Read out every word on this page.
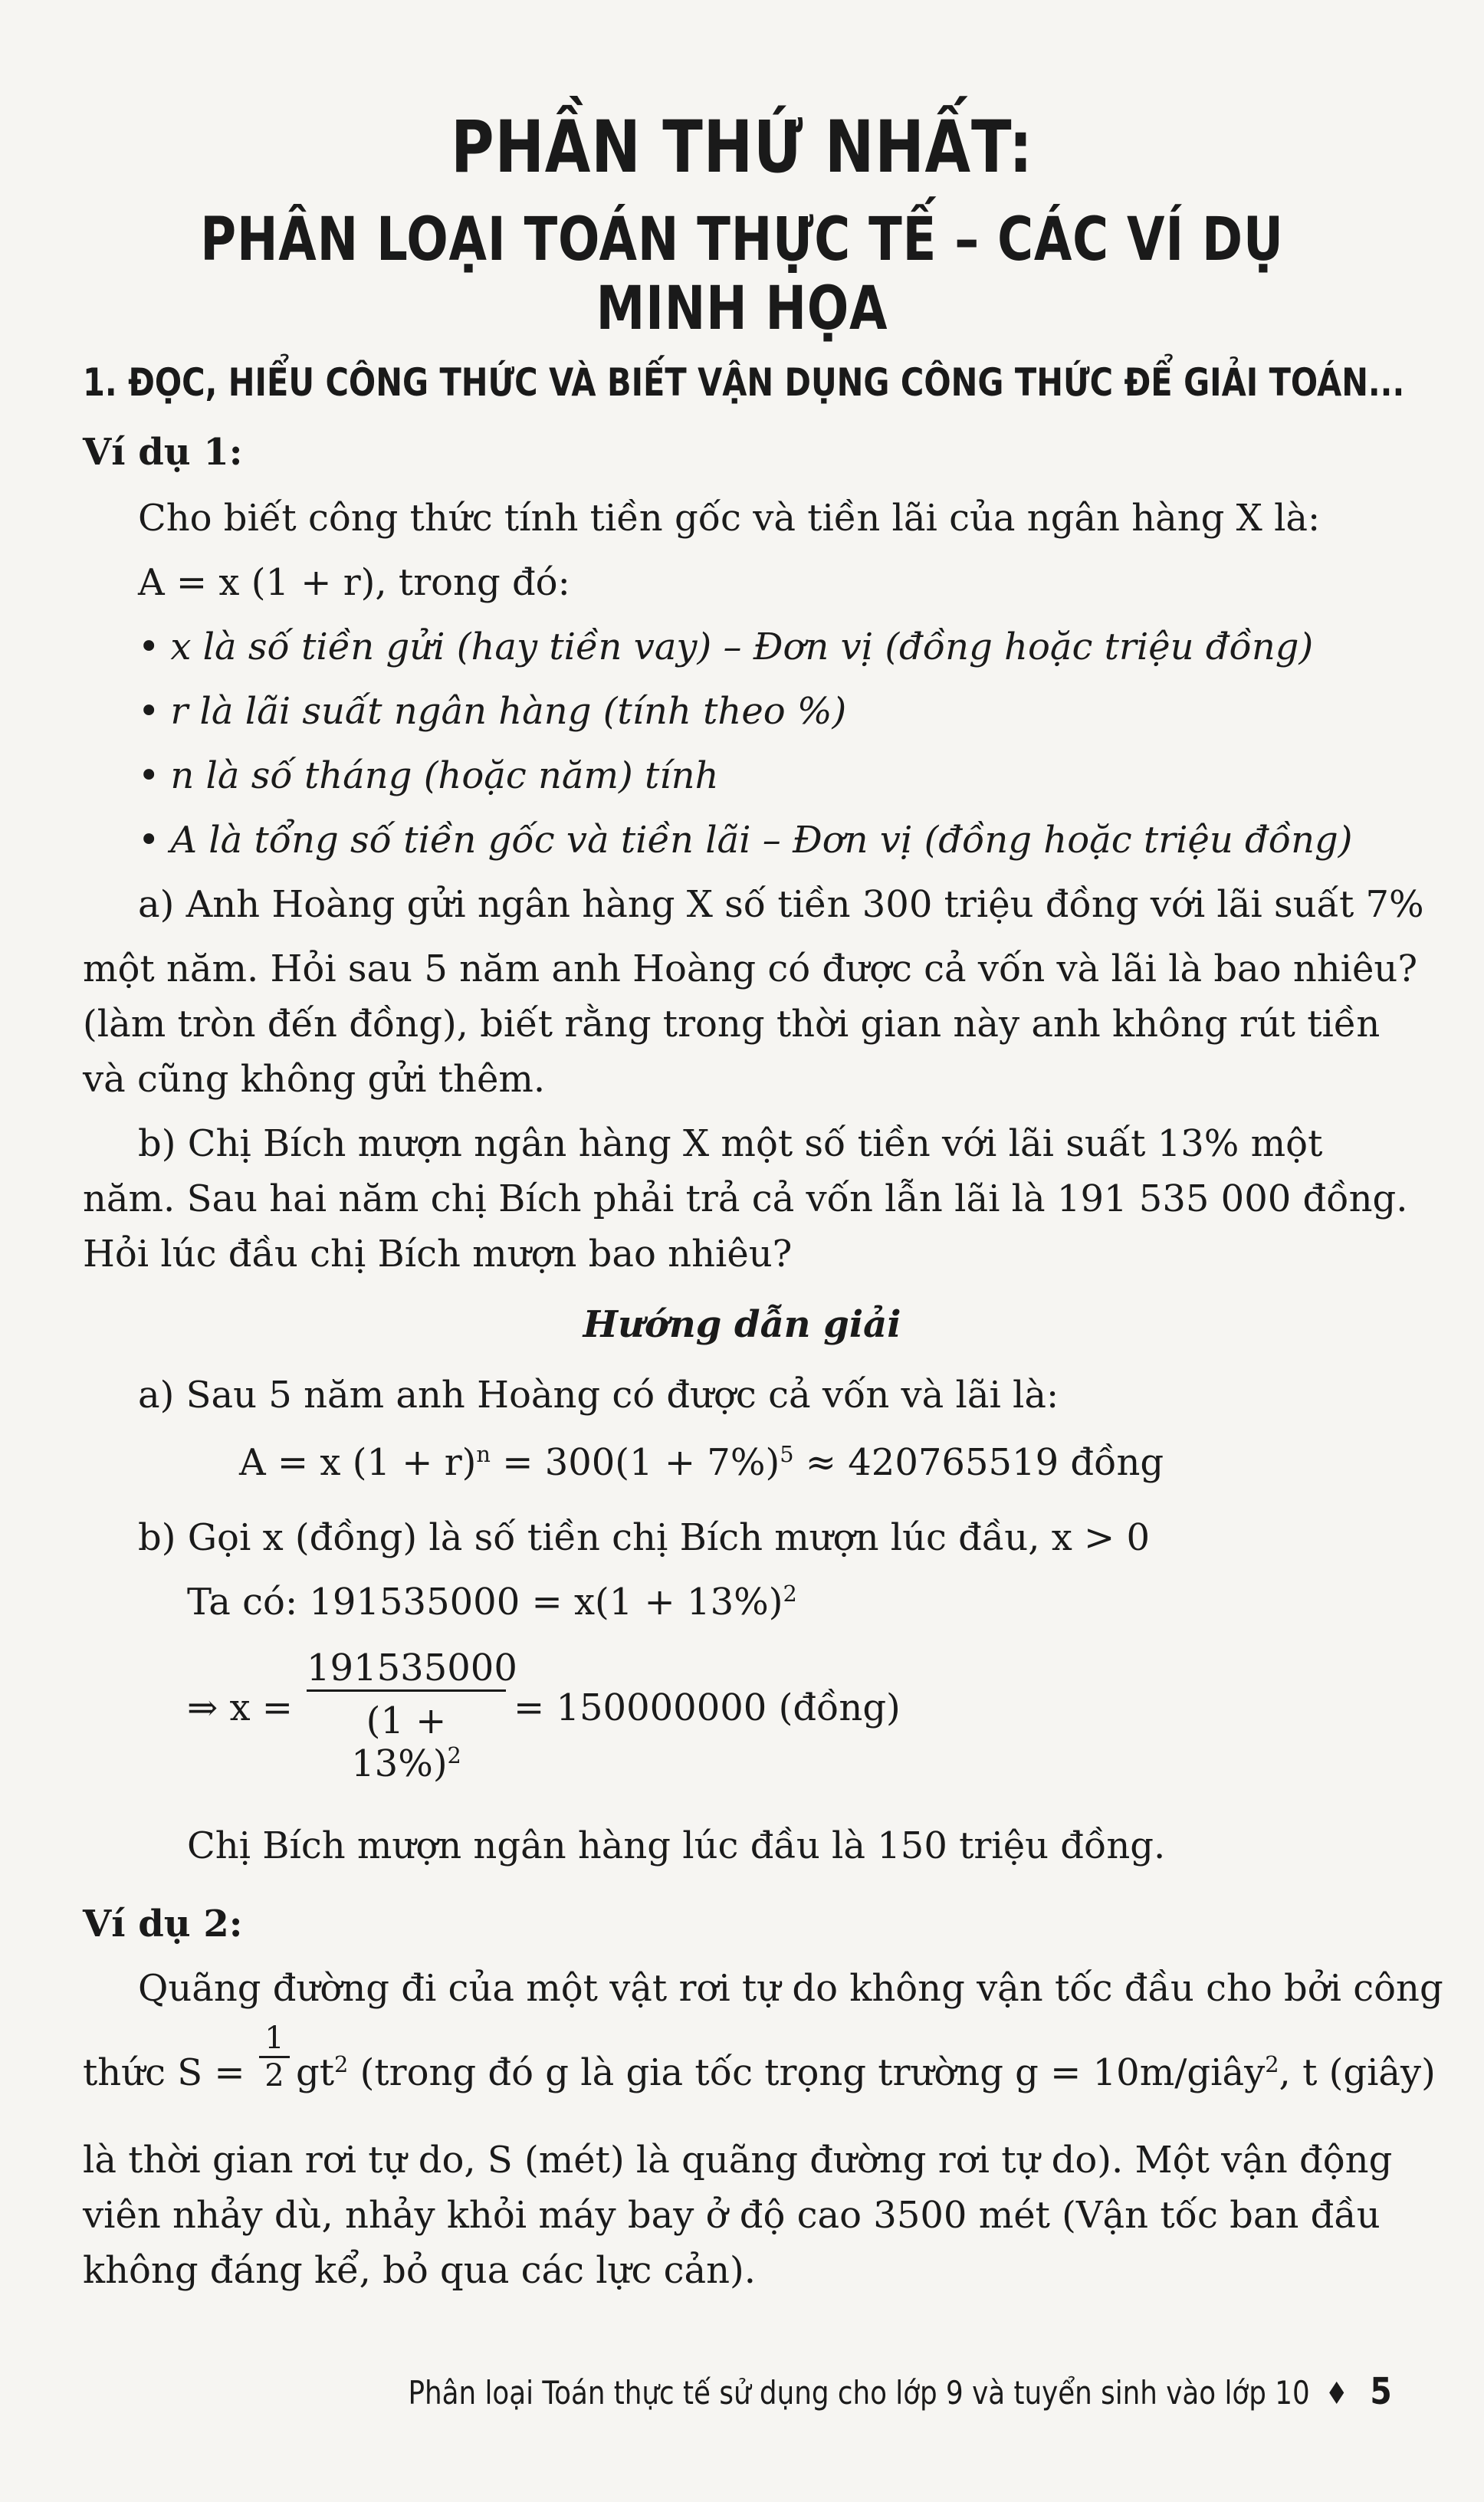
PHẦN THỨ NHẤT:
PHÂN LOẠI TOÁN THỰC TẾ – CÁC VÍ DỤ MINH HỌA
1. ĐỌC, HIỂU CÔNG THỨC VÀ BIẾT VẬN DỤNG CÔNG THỨC ĐỂ GIẢI TOÁN...
Ví dụ 1:
Cho biết công thức tính tiền gốc và tiền lãi của ngân hàng X là:
A = x (1 + r), trong đó:
• x là số tiền gửi (hay tiền vay) – Đơn vị (đồng hoặc triệu đồng)
• r là lãi suất ngân hàng (tính theo %)
• n là số tháng (hoặc năm) tính
• A là tổng số tiền gốc và tiền lãi – Đơn vị (đồng hoặc triệu đồng)
a) Anh Hoàng gửi ngân hàng X số tiền 300 triệu đồng với lãi suất 7%
một năm. Hỏi sau 5 năm anh Hoàng có được cả vốn và lãi là bao nhiêu?
(làm tròn đến đồng), biết rằng trong thời gian này anh không rút tiền
và cũng không gửi thêm.
b) Chị Bích mượn ngân hàng X một số tiền với lãi suất 13% một
năm. Sau hai năm chị Bích phải trả cả vốn lẫn lãi là 191 535 000 đồng.
Hỏi lúc đầu chị Bích mượn bao nhiêu?
Hướng dẫn giải
a) Sau 5 năm anh Hoàng có được cả vốn và lãi là:
A = x $(1 + r)^n = 300(1 + 7\%)^5 \approx 420765519$ đồng
b) Gọi x (đồng) là số tiền chị Bích mượn lúc đầu, x > 0
Ta có: $191535000 = x(1 + 13\%)^2$
⇒ $x = \frac{191535000}{(1 + 13\%)^2} = 150000000$ (đồng)
Chị Bích mượn ngân hàng lúc đầu là 150 triệu đồng.
Ví dụ 2:
Quãng đường đi của một vật rơi tự do không vận tốc đầu cho bởi công
thức $S = \frac{1}{2} gt^2$ (trong đó g là gia tốc trọng trường g = 10m/giây$^2$, t (giây)
là thời gian rơi tự do, S (mét) là quãng đường rơi tự do). Một vận động
viên nhảy dù, nhảy khỏi máy bay ở độ cao 3500 mét (Vận tốc ban đầu
không đáng kể, bỏ qua các lực cản).
Phân loại Toán thực tế sử dụng cho lớp 9 và tuyển sinh vào lớp 10 ♦ 5
